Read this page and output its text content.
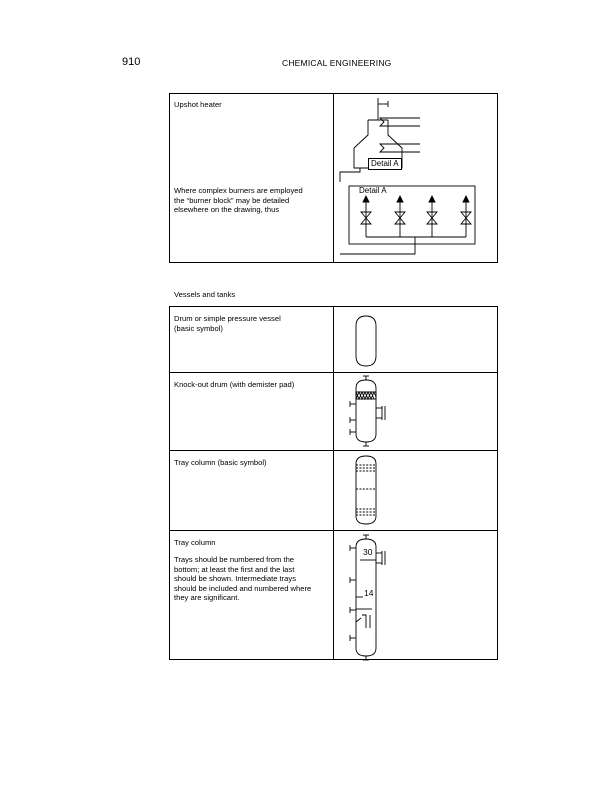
910	CHEMICAL ENGINEERING
Upshot heater
Where complex burners are employed
the “burner block” may be detailed
elsewhere on the drawing, thus
Detail A
Detail A
Vessels and tanks
Drum or simple pressure vessel
(basic symbol)
Knock-out drum (with demister pad)
Tray column (basic symbol)
Tray column
Trays should be numbered from the
bottom; at least the first and the last
should be shown. Intermediate trays
should be included and numbered where
they are significant.
30
14
